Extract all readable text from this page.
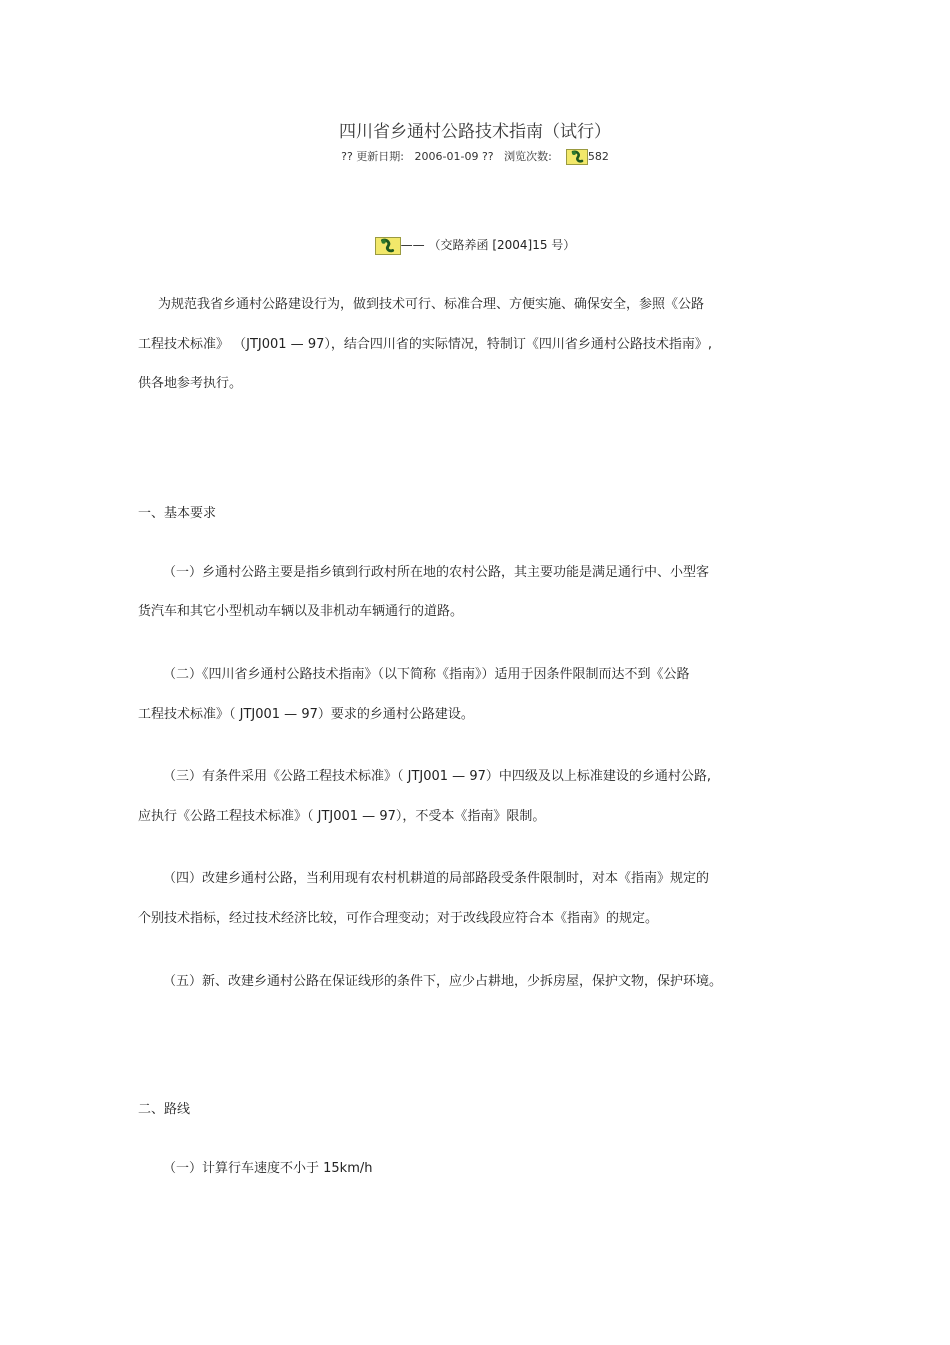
四川省乡通村公路技术指南（试行）
?? 更新日期: 2006-01-09 ?? 浏览次数:	582
—— （交路养函 [2004]15 号）
为规范我省乡通村公路建设行为，做到技术可行、标准合理、方便实施、确保安全，参照《公路
工程技术标准》 （JTJ001 — 97），结合四川省的实际情况，特制订《四川省乡通村公路技术指南》,
供各地参考执行。
一、基本要求
（一）乡通村公路主要是指乡镇到行政村所在地的农村公路，其主要功能是满足通行中、小型客
货汽车和其它小型机动车辆以及非机动车辆通行的道路。
（二）《四川省乡通村公路技术指南》（以下简称《指南》）适用于因条件限制而达不到《公路
工程技术标准》（ JTJ001 — 97）要求的乡通村公路建设。
（三）有条件采用《公路工程技术标准》（ JTJ001 — 97）中四级及以上标准建设的乡通村公路,
应执行《公路工程技术标准》（ JTJ001 — 97），不受本《指南》限制。
（四）改建乡通村公路，当利用现有农村机耕道的局部路段受条件限制时，对本《指南》规定的
个别技术指标，经过技术经济比较，可作合理变动；对于改线段应符合本《指南》的规定。
（五）新、改建乡通村公路在保证线形的条件下，应少占耕地，少拆房屋，保护文物，保护环境。
二、路线
（一）计算行车速度不小于 15km/h
